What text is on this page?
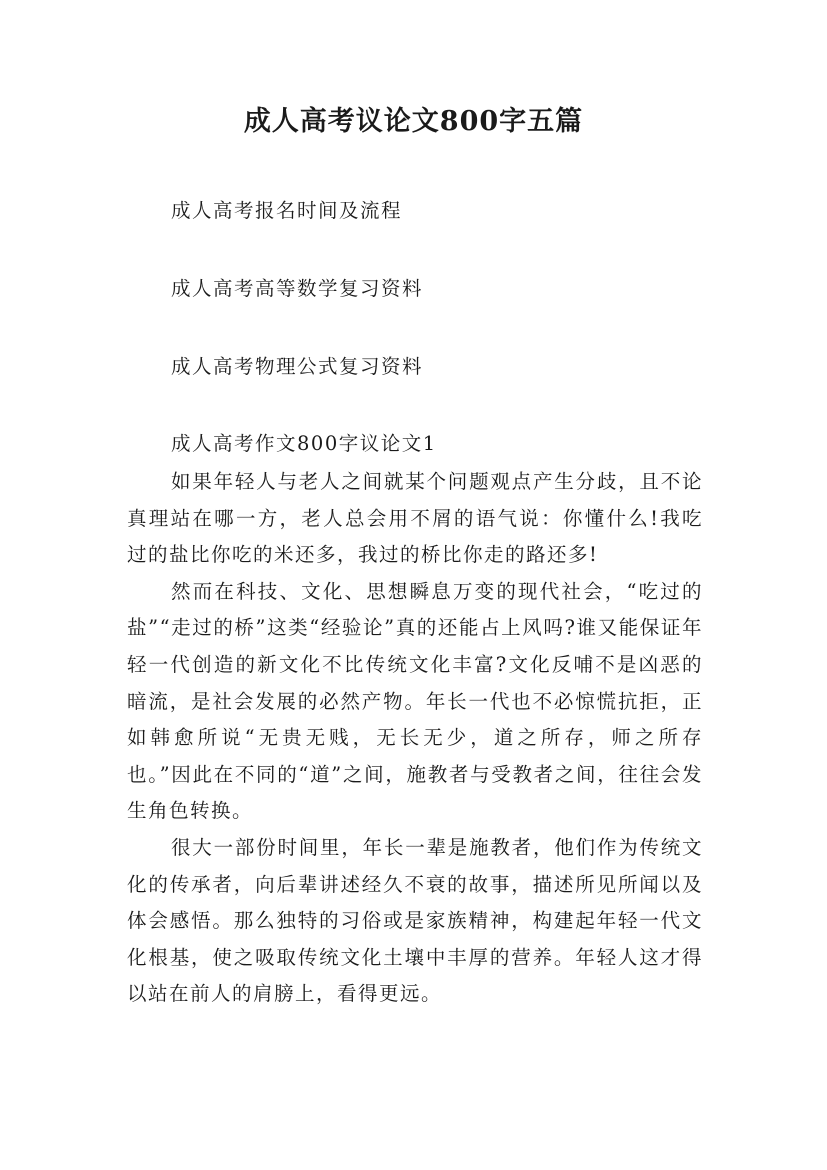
成人高考议论文800字五篇

成人高考报名时间及流程

成人高考高等数学复习资料

成人高考物理公式复习资料

成人高考作文800字议论文1

如果年轻人与老人之间就某个问题观点产生分歧，且不论真理站在哪一方，老人总会用不屑的语气说：你懂什么!我吃过的盐比你吃的米还多，我过的桥比你走的路还多!

然而在科技、文化、思想瞬息万变的现代社会，“吃过的盐”“走过的桥”这类“经验论”真的还能占上风吗?谁又能保证年轻一代创造的新文化不比传统文化丰富?文化反哺不是凶恶的暗流，是社会发展的必然产物。年长一代也不必惊慌抗拒，正如韩愈所说“无贵无贱，无长无少，道之所存，师之所存也。”因此在不同的“道”之间，施教者与受教者之间，往往会发生角色转换。

很大一部份时间里，年长一辈是施教者，他们作为传统文化的传承者，向后辈讲述经久不衰的故事，描述所见所闻以及体会感悟。那么独特的习俗或是家族精神，构建起年轻一代文化根基，使之吸取传统文化土壤中丰厚的营养。年轻人这才得以站在前人的肩膀上，看得更远。
